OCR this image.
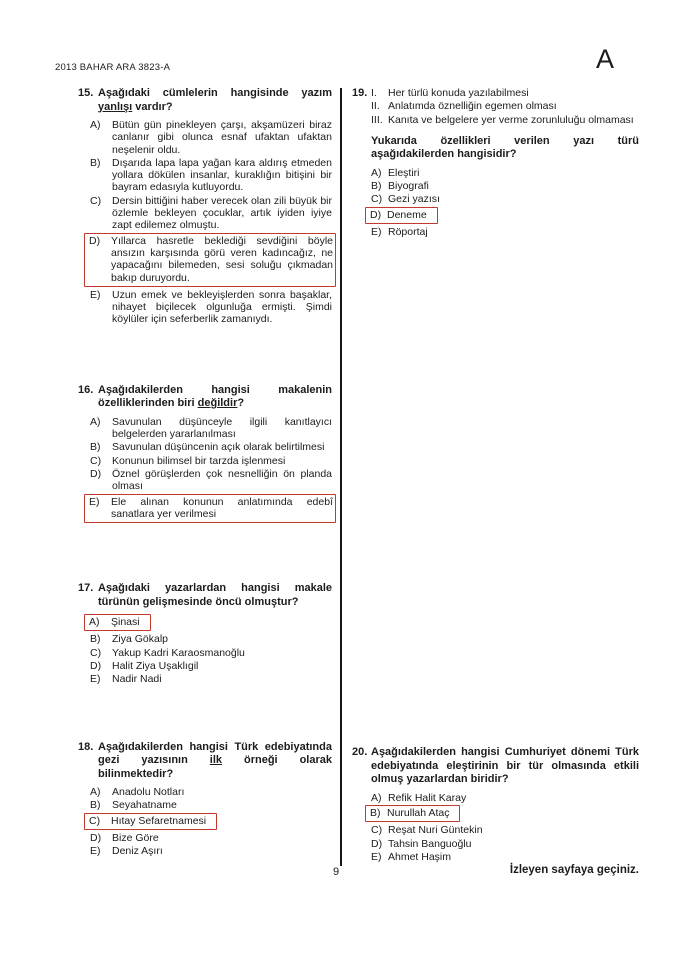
2013 BAHAR ARA 3823-A	A
15. Aşağıdaki cümlelerin hangisinde yazım yanlışı vardır?
A)	Bütün gün pinekleyen çarşı, akşamüzeri biraz canlanır gibi olunca esnaf ufaktan ufaktan neşelenir oldu.
B)	Dışarıda lapa lapa yağan kara aldırış etmeden yollara dökülen insanlar, kuraklığın bitişini bir bayram edasıyla kutluyordu.
C)	Dersin bittiğini haber verecek olan zili büyük bir özlemle bekleyen çocuklar, artık iyiden iyiye zapt edilemez olmuştu.
D)	Yıllarca hasretle beklediği sevdiğini böyle ansızın karşısında görü veren kadıncağız, ne yapacağını bilemeden, sesi soluğu çıkmadan bakıp duruyordu.
E)	Uzun emek ve bekleyişlerden sonra başaklar, nihayet biçilecek olgunluğa ermişti. Şimdi köylüler için seferberlik zamanıydı.
16. Aşağıdakilerden hangisi makalenin özelliklerinden biri değildir?
A)	Savunulan düşünceyle ilgili kanıtlayıcı belgelerden yararlanılması
B)	Savunulan düşüncenin açık olarak belirtilmesi
C)	Konunun bilimsel bir tarzda işlenmesi
D)	Öznel görüşlerden çok nesnelliğin ön planda olması
E)	Ele alınan konunun anlatımında edebî sanatlara yer verilmesi
17. Aşağıdaki yazarlardan hangisi makale türünün gelişmesinde öncü olmuştur?
A)	Şinasi
B)	Ziya Gökalp
C)	Yakup Kadri Karaosmanoğlu
D)	Halit Ziya Uşaklıgil
E)	Nadir Nadi
18. Aşağıdakilerden hangisi Türk edebiyatında gezi yazısının ilk örneği olarak bilinmektedir?
A)	Anadolu Notları
B)	Seyahatname
C)	Hıtay Sefaretnamesi
D)	Bize Göre
E)	Deniz Aşırı
19. I.	Her türlü konuda yazılabilmesi
II. Anlatımda öznelliğin egemen olması
III. Kanıta ve belgelere yer verme zorunluluğu olmaması
Yukarıda özellikleri verilen yazı türü aşağıdakilerden hangisidir?
A) Eleştiri
B) Biyografi
C) Gezi yazısı
D) Deneme
E) Röportaj
20. Aşağıdakilerden hangisi Cumhuriyet dönemi Türk edebiyatında eleştirinin bir tür olmasında etkili olmuş yazarlardan biridir?
A) Refik Halit Karay
B) Nurullah Ataç
C) Reşat Nuri Güntekin
D) Tahsin Banguoğlu
E) Ahmet Haşim
9	İzleyen sayfaya geçiniz.
